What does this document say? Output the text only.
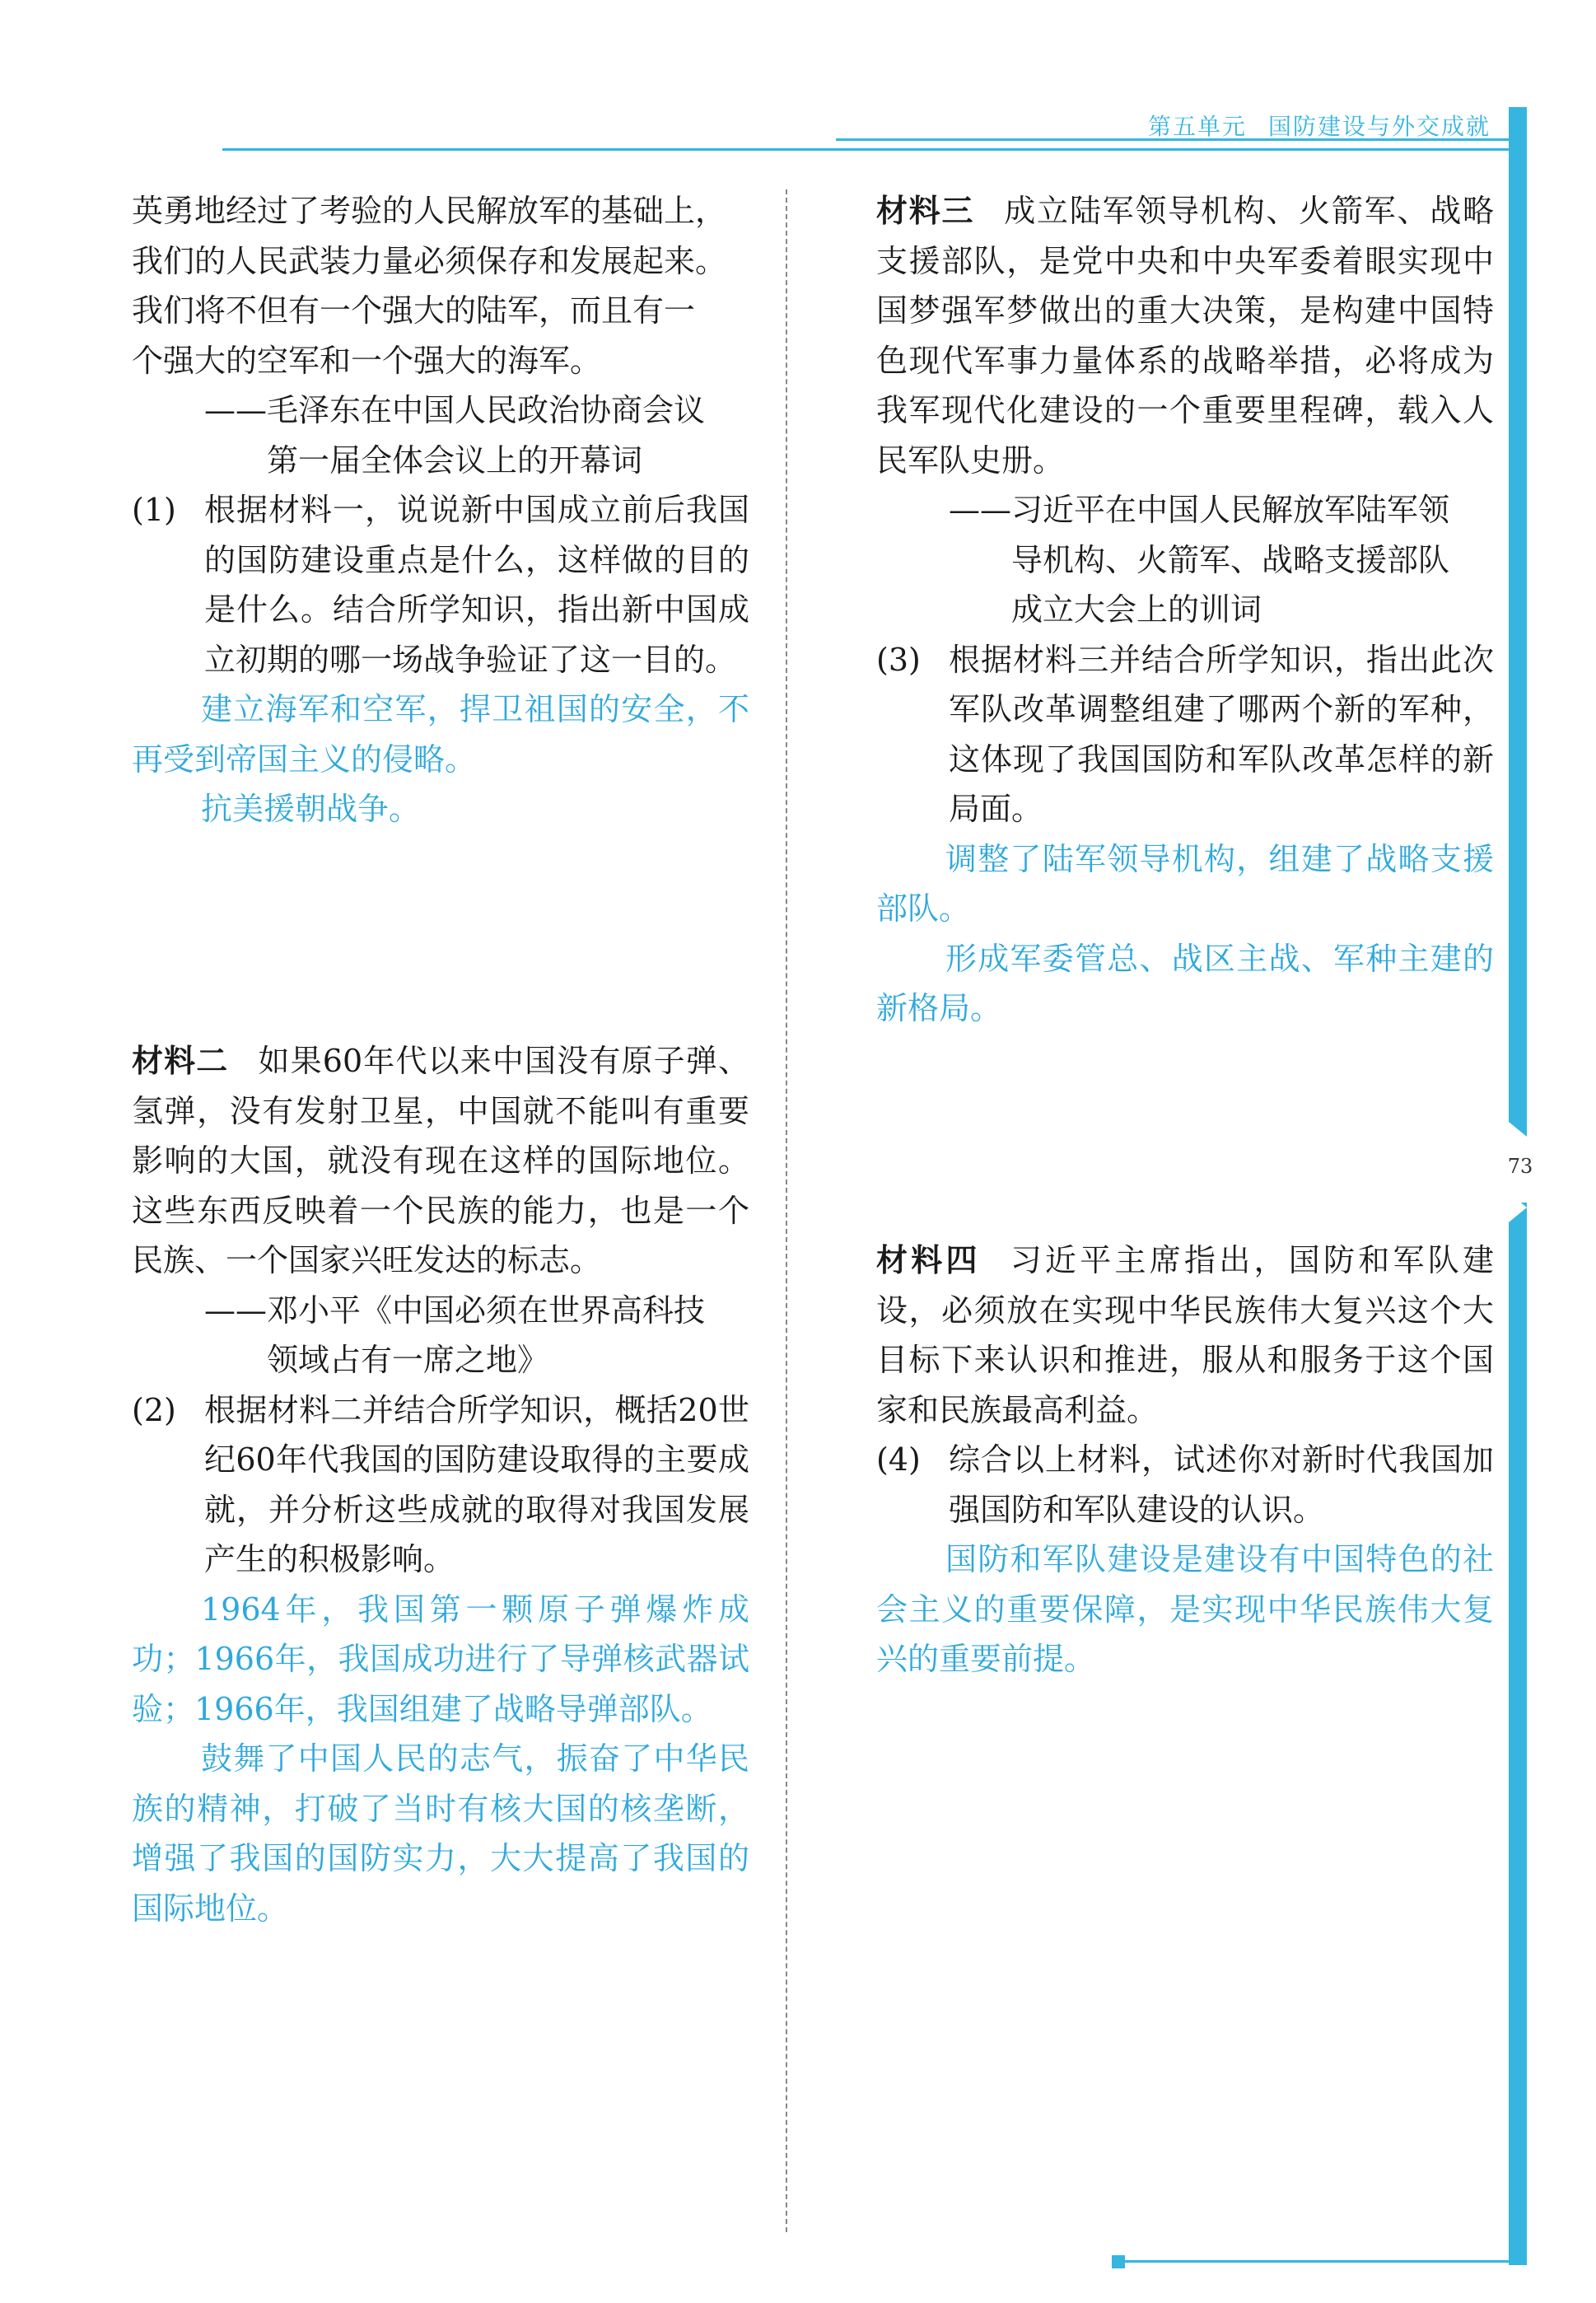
第五单元 国防建设与外交成就
73

英勇地经过了考验的人民解放军的基础上，

我们的人民武装力量必须保存和发展起来。

我们将不但有一个强大的陆军，而且有一

个强大的空军和一个强大的海军。

——毛泽东在中国人民政治协商会议

第一届全体会议上的开幕词

(1) 根据材料一，说说新中国成立前后我国的国防建设重点是什么，这样做的目的是什么。结合所学知识，指出新中国成立初期的哪一场战争验证了这一目的。

建立海军和空军，捍卫祖国的安全，不再受到帝国主义的侵略。

抗美援朝战争。

材料二 如果60年代以来中国没有原子弹、氢弹，没有发射卫星，中国就不能叫有重要影响的大国，就没有现在这样的国际地位。这些东西反映着一个民族的能力，也是一个民族、一个国家兴旺发达的标志。

——邓小平《中国必须在世界高科技

领域占有一席之地》

(2) 根据材料二并结合所学知识，概括20世纪60年代我国的国防建设取得的主要成就，并分析这些成就的取得对我国发展产生的积极影响。

1964年，我国第一颗原子弹爆炸成功；1966年，我国成功进行了导弹核武器试验；1966年，我国组建了战略导弹部队。

鼓舞了中国人民的志气，振奋了中华民族的精神，打破了当时有核大国的核垄断，增强了我国的国防实力，大大提高了我国的国际地位。

材料三 成立陆军领导机构、火箭军、战略支援部队，是党中央和中央军委着眼实现中国梦强军梦做出的重大决策，是构建中国特色现代军事力量体系的战略举措，必将成为我军现代化建设的一个重要里程碑，载入人民军队史册。

——习近平在中国人民解放军陆军领

导机构、火箭军、战略支援部队

成立大会上的训词

(3) 根据材料三并结合所学知识，指出此次军队改革调整组建了哪两个新的军种，这体现了我国国防和军队改革怎样的新局面。

调整了陆军领导机构，组建了战略支援部队。

形成军委管总、战区主战、军种主建的新格局。

材料四 习近平主席指出，国防和军队建设，必须放在实现中华民族伟大复兴这个大目标下来认识和推进，服从和服务于这个国家和民族最高利益。

(4) 综合以上材料，试述你对新时代我国加强国防和军队建设的认识。

国防和军队建设是建设有中国特色的社会主义的重要保障，是实现中华民族伟大复兴的重要前提。
